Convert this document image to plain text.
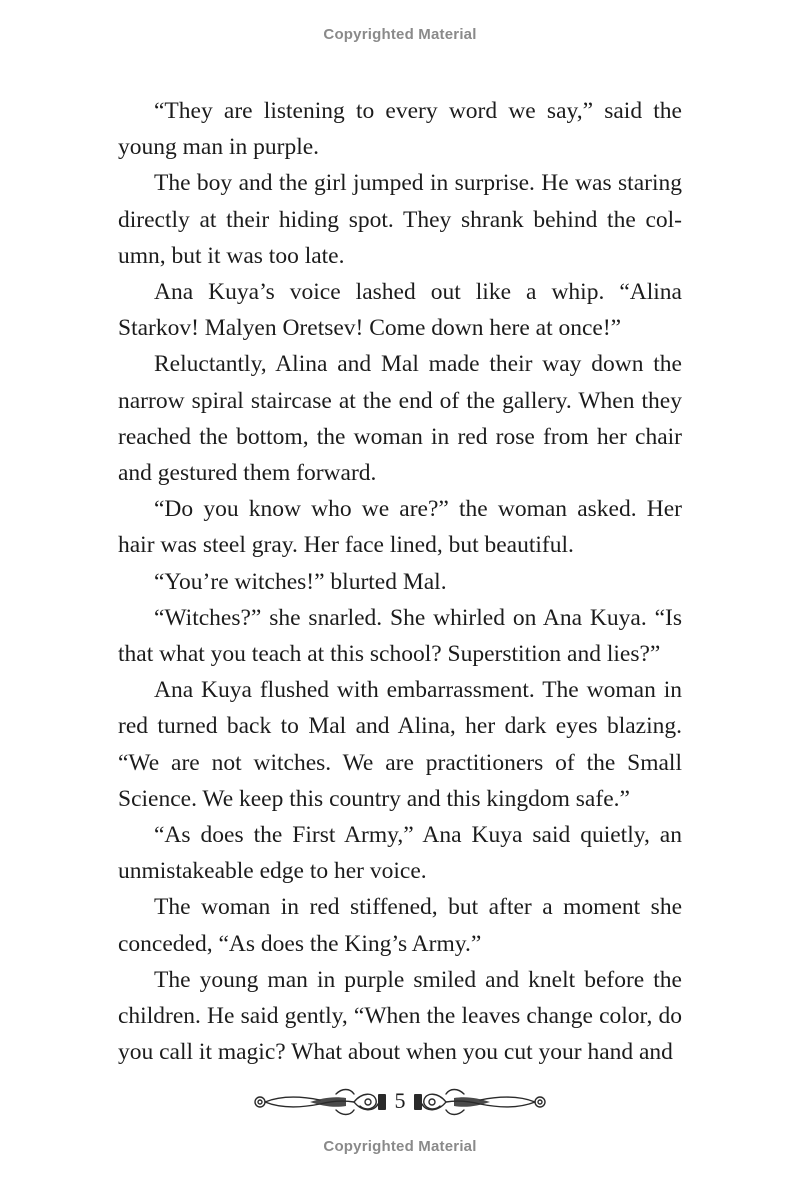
Copyrighted Material

“They are listening to every word we say,” said the young man in purple.

The boy and the girl jumped in surprise. He was staring directly at their hiding spot. They shrank behind the column, but it was too late.

Ana Kuya’s voice lashed out like a whip. “Alina Starkov! Malyen Oretsev! Come down here at once!”

Reluctantly, Alina and Mal made their way down the narrow spiral staircase at the end of the gallery. When they reached the bottom, the woman in red rose from her chair and gestured them forward.

“Do you know who we are?” the woman asked. Her hair was steel gray. Her face lined, but beautiful.

“You’re witches!” blurted Mal.

“Witches?” she snarled. She whirled on Ana Kuya. “Is that what you teach at this school? Superstition and lies?”

Ana Kuya flushed with embarrassment. The woman in red turned back to Mal and Alina, her dark eyes blazing. “We are not witches. We are practitioners of the Small Science. We keep this country and this kingdom safe.”

“As does the First Army,” Ana Kuya said quietly, an unmistakeable edge to her voice.

The woman in red stiffened, but after a moment she conceded, “As does the King’s Army.”

The young man in purple smiled and knelt before the children. He said gently, “When the leaves change color, do you call it magic? What about when you cut your hand and

5
Copyrighted Material
